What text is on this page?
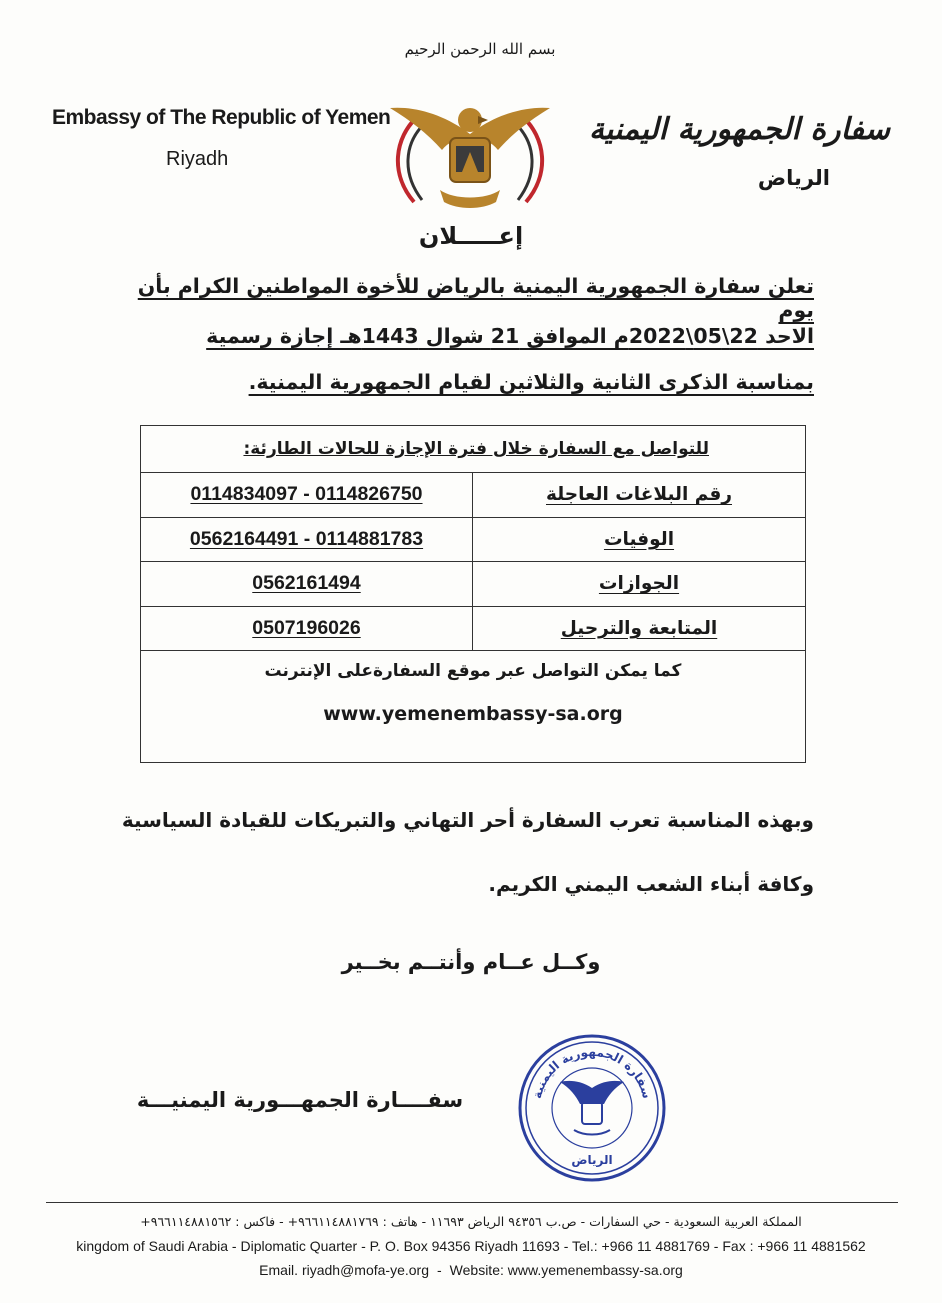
بسم الله الرحمن الرحيم
Embassy of The Republic of Yemen
Riyadh
سفارة الجمهورية اليمنية
الرياض
إعـــــلان
تعلن سفارة الجمهورية اليمنية بالرياض للأخوة المواطنين الكرام بأن يوم
الاحد 22\05\2022م الموافق 21 شوال 1443هـ إجازة رسمية
بمناسبة الذكرى الثانية والثلاثين لقيام الجمهورية اليمنية.
للتواصل مع السفارة خلال فترة الإجازة للحالات الطارئة:	
رقم البلاغات العاجلة	0114834097 - 0114826750
الوفيات	0562164491 - 0114881783
الجوازات	0562161494
المتابعة والترحيل	0507196026

كما يمكن التواصل عبر موقع السفارةعلى الإنترنت
www.yemenembassy-sa.org	
وبهذه المناسبة تعرب السفارة أحر التهاني والتبريكات للقيادة السياسية
وكافة أبناء الشعب اليمني الكريم.
وكــل عــام وأنتــم بخــير
سفــــارة الجمهـــورية اليمنيـــة	سفارة الجمهورية اليمنية
الرياض
المملكة العربية السعودية - حي السفارات - ص.ب ٩٤٣٥٦ الرياض ١١٦٩٣ - هاتف : ٩٦٦١١٤٨٨١٧٦٩+ - فاكس : ٩٦٦١١٤٨٨١٥٦٢+
kingdom of Saudi Arabia - Diplomatic Quarter - P. O. Box 94356 Riyadh 11693 - Tel.: +966 11 4881769 - Fax : +966 11 4881562
Email. riyadh@mofa-ye.org - Website: www.yemenembassy-sa.org
